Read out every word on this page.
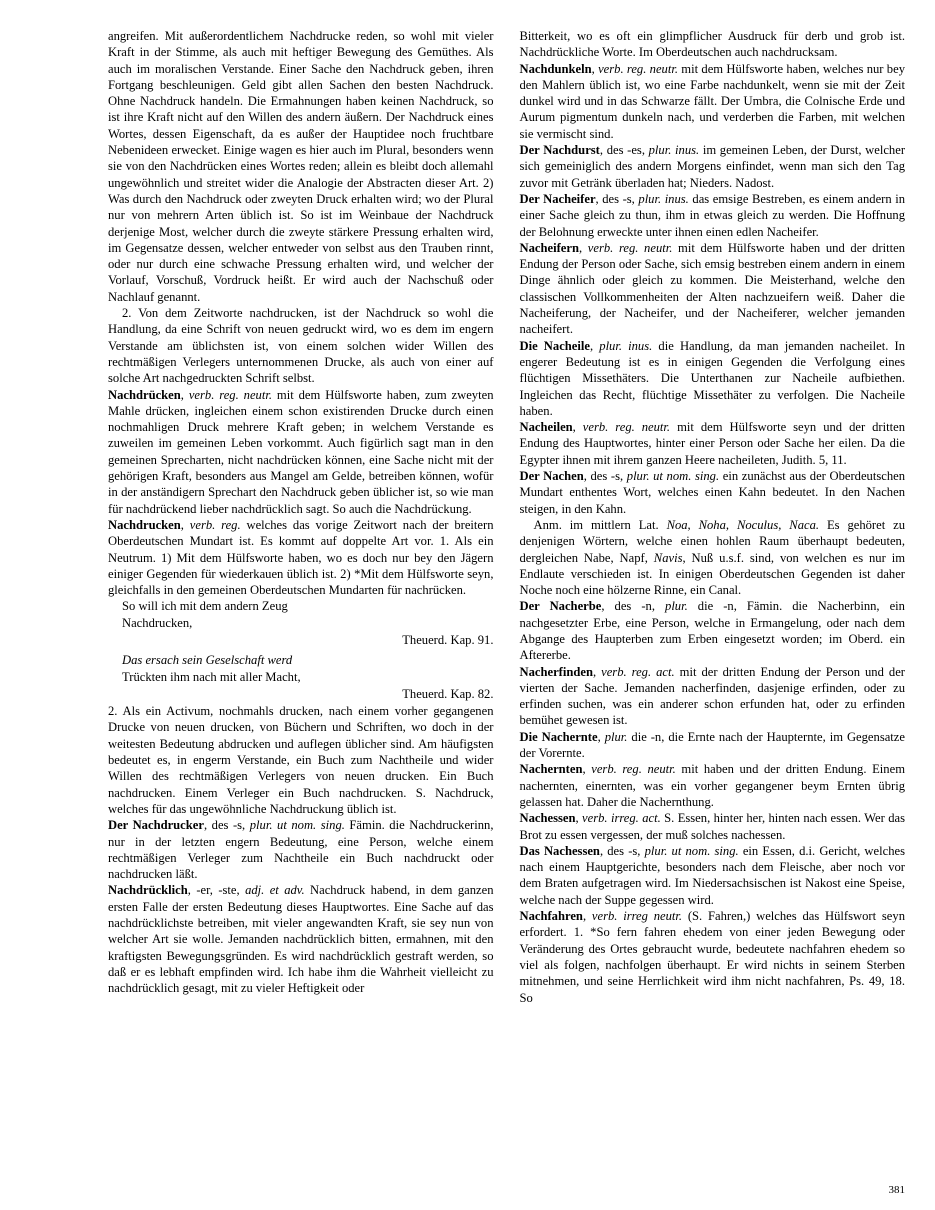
angreifen. Mit außerordentlichem Nachdrucke reden, so wohl mit vieler Kraft in der Stimme, als auch mit heftiger Bewegung des Gemüthes. Als auch im moralischen Verstande. Einer Sache den Nachdruck geben, ihren Fortgang beschleunigen. Geld gibt allen Sachen den besten Nachdruck. Ohne Nachdruck handeln. Die Ermahnungen haben keinen Nachdruck, so ist ihre Kraft nicht auf den Willen des andern äußern. Der Nachdruck eines Wortes, dessen Eigenschaft, da es außer der Hauptidee noch fruchtbare Nebenideen erwecket. Einige wagen es hier auch im Plural, besonders wenn sie von den Nachdrücken eines Wortes reden; allein es bleibt doch allemahl ungewöhnlich und streitet wider die Analogie der Abstracten dieser Art. 2) Was durch den Nachdruck oder zweyten Druck erhalten wird; wo der Plural nur von mehrern Arten üblich ist. So ist im Weinbaue der Nachdruck derjenige Most, welcher durch die zweyte stärkere Pressung erhalten wird, im Gegensatze dessen, welcher entweder von selbst aus den Trauben rinnt, oder nur durch eine schwache Pressung erhalten wird, und welcher der Vorlauf, Vorschuß, Vordruck heißt. Er wird auch der Nachschuß oder Nachlauf genannt.

2. Von dem Zeitworte nachdrucken, ist der Nachdruck so wohl die Handlung, da eine Schrift von neuen gedruckt wird, wo es dem im engern Verstande am üblichsten ist, von einem solchen wider Willen des rechtmäßigen Verlegers unternommenen Drucke, als auch von einer auf solche Art nachgedruckten Schrift selbst.

Nachdrücken, verb. reg. neutr. mit dem Hülfsworte haben, zum zweyten Mahle drücken, ingleichen einem schon existirenden Drucke durch einen nochmahligen Druck mehrere Kraft geben; in welchem Verstande es zuweilen im gemeinen Leben vorkommt. Auch figürlich sagt man in den gemeinen Sprecharten, nicht nachdrücken können, eine Sache nicht mit der gehörigen Kraft, besonders aus Mangel am Gelde, betreiben können, wofür in der anständigern Sprechart den Nachdruck geben üblicher ist, so wie man für nachdrückend lieber nachdrücklich sagt. So auch die Nachdrückung.

Nachdrucken, verb. reg. welches das vorige Zeitwort nach der breitern Oberdeutschen Mundart ist. Es kommt auf doppelte Art vor. 1. Als ein Neutrum. 1) Mit dem Hülfsworte haben, wo es doch nur bey den Jägern einiger Gegenden für wiederkauen üblich ist. 2) *Mit dem Hülfsworte seyn, gleichfalls in den gemeinen Oberdeutschen Mundarten für nachrücken.

So will ich mit dem andern Zeug

Nachdrucken,

Theuerd. Kap. 91.

Das ersach sein Geselschaft werd

Trückten ihm nach mit aller Macht,

Theuerd. Kap. 82.

2. Als ein Activum, nochmahls drucken, nach einem vorher gegangenen Drucke von neuen drucken, von Büchern und Schriften, wo doch in der weitesten Bedeutung abdrucken und auflegen üblicher sind. Am häufigsten bedeutet es, in engerm Verstande, ein Buch zum Nachtheile und wider Willen des rechtmäßigen Verlegers von neuen drucken. Ein Buch nachdrucken. Einem Verleger ein Buch nachdrucken. S. Nachdruck, welches für das ungewöhnliche Nachdruckung üblich ist.

Der Nachdrucker, des -s, plur. ut nom. sing. Fämin. die Nachdruckerinn, nur in der letzten engern Bedeutung, eine Person, welche einem rechtmäßigen Verleger zum Nachtheile ein Buch nachdruckt oder nachdrucken läßt.

Nachdrücklich, -er, -ste, adj. et adv. Nachdruck habend, in dem ganzen ersten Falle der ersten Bedeutung dieses Hauptwortes. Eine Sache auf das nachdrücklichste betreiben, mit vieler angewandten Kraft, sie sey nun von welcher Art sie wolle. Jemanden nachdrücklich bitten, ermahnen, mit den kraftigsten Bewegungsgründen. Es wird nachdrücklich gestraft werden, so daß er es lebhaft empfinden wird. Ich habe ihm die Wahrheit vielleicht zu nachdrücklich gesagt, mit zu vieler Heftigkeit oder

Bitterkeit, wo es oft ein glimpflicher Ausdruck für derb und grob ist. Nachdrückliche Worte. Im Oberdeutschen auch nachdrucksam.

Nachdunkeln, verb. reg. neutr. mit dem Hülfsworte haben, welches nur bey den Mahlern üblich ist, wo eine Farbe nachdunkelt, wenn sie mit der Zeit dunkel wird und in das Schwarze fällt. Der Umbra, die Colnische Erde und Aurum pigmentum dunkeln nach, und verderben die Farben, mit welchen sie vermischt sind.

Der Nachdurst, des -es, plur. inus. im gemeinen Leben, der Durst, welcher sich gemeiniglich des andern Morgens einfindet, wenn man sich den Tag zuvor mit Getränk überladen hat; Nieders. Nadost.

Der Nacheifer, des -s, plur. inus. das emsige Bestreben, es einem andern in einer Sache gleich zu thun, ihm in etwas gleich zu werden. Die Hoffnung der Belohnung erweckte unter ihnen einen edlen Nacheifer.

Nacheifern, verb. reg. neutr. mit dem Hülfsworte haben und der dritten Endung der Person oder Sache, sich emsig bestreben einem andern in einem Dinge ähnlich oder gleich zu kommen. Die Meisterhand, welche den classischen Vollkommenheiten der Alten nachzueifern weiß. Daher die Nacheiferung, der Nacheifer, und der Nacheiferer, welcher jemanden nacheifert.

Die Nacheile, plur. inus. die Handlung, da man jemanden nacheilet. In engerer Bedeutung ist es in einigen Gegenden die Verfolgung eines flüchtigen Missethäters. Die Unterthanen zur Nacheile aufbiethen. Ingleichen das Recht, flüchtige Missethäter zu verfolgen. Die Nacheile haben.

Nacheilen, verb. reg. neutr. mit dem Hülfsworte seyn und der dritten Endung des Hauptwortes, hinter einer Person oder Sache her eilen. Da die Egypter ihnen mit ihrem ganzen Heere nacheileten, Judith. 5, 11.

Der Nachen, des -s, plur. ut nom. sing. ein zunächst aus der Oberdeutschen Mundart enthentes Wort, welches einen Kahn bedeutet. In den Nachen steigen, in den Kahn.

Anm. im mittlern Lat. Noa, Noha, Noculus, Naca. Es gehöret zu denjenigen Wörtern, welche einen hohlen Raum überhaupt bedeuten, dergleichen Nabe, Napf, Navis, Nuß u.s.f. sind, von welchen es nur im Endlaute verschieden ist. In einigen Oberdeutschen Gegenden ist daher Noche noch eine hölzerne Rinne, ein Canal.

Der Nacherbe, des -n, plur. die -n, Fämin. die Nacherbinn, ein nachgesetzter Erbe, eine Person, welche in Ermangelung, oder nach dem Abgange des Haupterben zum Erben eingesetzt worden; im Oberd. ein Aftererbe.

Nacherfinden, verb. reg. act. mit der dritten Endung der Person und der vierten der Sache. Jemanden nacherfinden, dasjenige erfinden, oder zu erfinden suchen, was ein anderer schon erfunden hat, oder zu erfinden bemühet gewesen ist.

Die Nachernte, plur. die -n, die Ernte nach der Haupternte, im Gegensatze der Vorernte.

Nachernten, verb. reg. neutr. mit haben und der dritten Endung. Einem nachernten, einernten, was ein vorher gegangener beym Ernten übrig gelassen hat. Daher die Nachernthung.

Nachessen, verb. irreg. act. S. Essen, hinter her, hinten nach essen. Wer das Brot zu essen vergessen, der muß solches nachessen.

Das Nachessen, des -s, plur. ut nom. sing. ein Essen, d.i. Gericht, welches nach einem Hauptgerichte, besonders nach dem Fleische, aber noch vor dem Braten aufgetragen wird. Im Niedersachsischen ist Nakost eine Speise, welche nach der Suppe gegessen wird.

Nachfahren, verb. irreg neutr. (S. Fahren,) welches das Hülfswort seyn erfordert. 1. *So fern fahren ehedem von einer jeden Bewegung oder Veränderung des Ortes gebraucht wurde, bedeutete nachfahren ehedem so viel als folgen, nachfolgen überhaupt. Er wird nichts in seinem Sterben mitnehmen, und seine Herrlichkeit wird ihm nicht nachfahren, Ps. 49, 18. So

381
